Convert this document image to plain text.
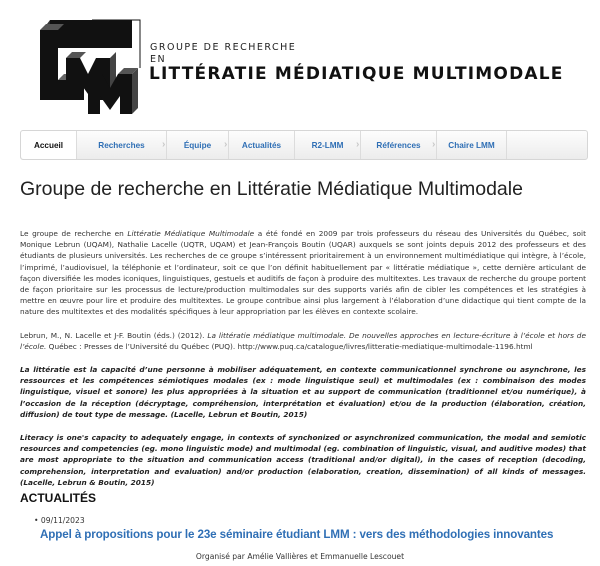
GROUPE DE RECHERCHE
EN
LITTÉRATIE MÉDIATIQUE MULTIMODALE
Accueil	Recherches ›	Équipe ›	Actualités	R2-LMM ›	Références ›	Chaire LMM
Groupe de recherche en Littératie Médiatique Multimodale

Le groupe de recherche en Littératie Médiatique Multimodale a été fondé en 2009 par trois professeurs du réseau des Universités du Québec, soit Monique Lebrun (UQAM), Nathalie Lacelle (UQTR, UQAM) et Jean-François Boutin (UQAR) auxquels se sont joints depuis 2012 des professeurs et des étudiants de plusieurs universités. Les recherches de ce groupe s’intéressent prioritairement à un environnement multimédiatique qui intègre, à l’école, l’imprimé, l’audiovisuel, la téléphonie et l’ordinateur, soit ce que l’on définit habituellement par « littératie médiatique », cette dernière articulant de façon diversifiée les modes iconiques, linguistiques, gestuels et auditifs de façon à produire des multitextes. Les travaux de recherche du groupe portent de façon prioritaire sur les processus de lecture/production multimodales sur des supports variés afin de cibler les compétences et les stratégies à mettre en œuvre pour lire et produire des multitextes. Le groupe contribue ainsi plus largement à l’élaboration d’une didactique qui tient compte de la nature des multitextes et des modalités spécifiques à leur appropriation par les élèves en contexte scolaire.

Lebrun, M., N. Lacelle et J-F. Boutin (éds.) (2012). La littératie médiatique multimodale. De nouvelles approches en lecture-écriture à l’école et hors de l’école. Québec : Presses de l’Université du Québec (PUQ). http://www.puq.ca/catalogue/livres/litteratie-mediatique-multimodale-1196.html

La littératie est la capacité d’une personne à mobiliser adéquatement, en contexte communicationnel synchrone ou asynchrone, les ressources et les compétences sémiotiques modales (ex : mode linguistique seul) et multimodales (ex : combinaison des modes linguistique, visuel et sonore) les plus appropriées à la situation et au support de communication (traditionnel et/ou numérique), à l’occasion de la réception (décryptage, compréhension, interprétation et évaluation) et/ou de la production (élaboration, création, diffusion) de tout type de message. (Lacelle, Lebrun et Boutin, 2015)

Literacy is one's capacity to adequately engage, in contexts of synchonized or asynchronized communication, the modal and semiotic resources and competencies (eg. mono linguistic mode) and multimodal (eg. combination of linguistic, visual, and auditive modes) that are most appropriate to the situation and communication access (traditional and/or digital), in the cases of reception (decoding, comprehension, interpretation and evaluation) and/or production (elaboration, creation, dissemination) of all kinds of messages. (Lacelle, Lebrun & Boutin, 2015)

ACTUALITÉS
• 09/11/2023
Appel à propositions pour le 23e séminaire étudiant LMM : vers des méthodologies innovantes
Organisé par Amélie Vallières et Emmanuelle Lescouet
